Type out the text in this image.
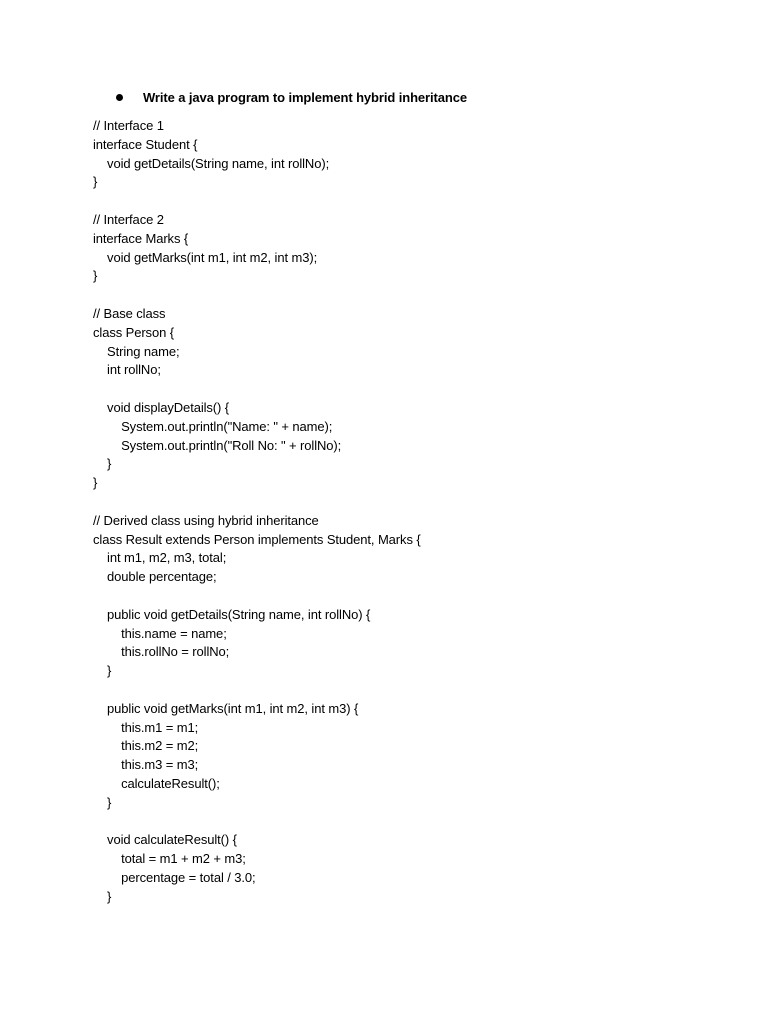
Write a java program to implement hybrid inheritance
// Interface 1
interface Student {
void getDetails(String name, int rollNo);
}
// Interface 2
interface Marks {
void getMarks(int m1, int m2, int m3);
}
// Base class
class Person {
String name;
int rollNo;
void displayDetails() {
System.out.println("Name: " + name);
System.out.println("Roll No: " + rollNo);
}
}
// Derived class using hybrid inheritance
class Result extends Person implements Student, Marks {
int m1, m2, m3, total;
double percentage;
public void getDetails(String name, int rollNo) {
this.name = name;
this.rollNo = rollNo;
}
public void getMarks(int m1, int m2, int m3) {
this.m1 = m1;
this.m2 = m2;
this.m3 = m3;
calculateResult();
}
void calculateResult() {
total = m1 + m2 + m3;
percentage = total / 3.0;
}
